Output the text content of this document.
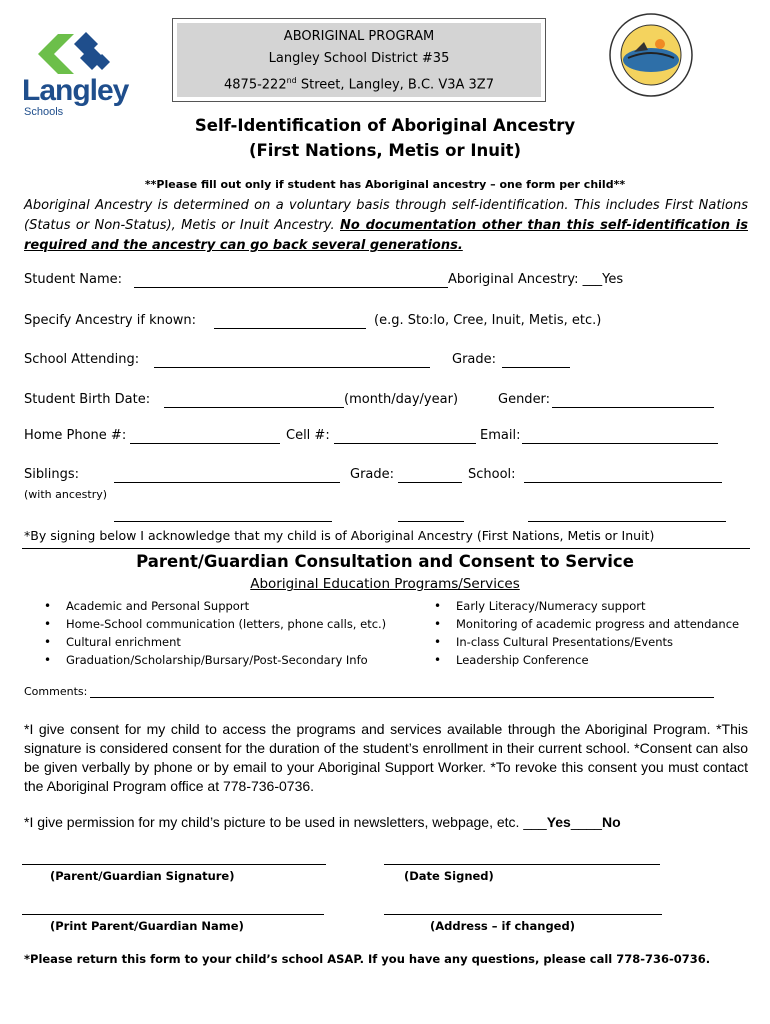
Langley
Schools
ABORIGINAL PROGRAM
Langley School District #35
4875-222nd Street, Langley, B.C. V3A 3Z7
Self-Identification of Aboriginal Ancestry
(First Nations, Metis or Inuit)
**Please fill out only if student has Aboriginal ancestry – one form per child**
Aboriginal Ancestry is determined on a voluntary basis through self-identification. This includes First Nations (Status or Non-Status), Metis or Inuit Ancestry. No documentation other than this self-identification is required and the ancestry can go back several generations.
Student Name:	Aboriginal Ancestry: ___Yes
Specify Ancestry if known:	(e.g. Sto:lo, Cree, Inuit, Metis, etc.)
School Attending:	Grade:
Student Birth Date:	(month/day/year)	Gender:
Home Phone #:	Cell #:	Email:
Siblings:	Grade:	School:
(with ancestry)
*By signing below I acknowledge that my child is of Aboriginal Ancestry (First Nations, Metis or Inuit)
Parent/Guardian Consultation and Consent to Service
Aboriginal Education Programs/Services
• Academic and Personal Support
• Home-School communication (letters, phone calls, etc.)
• Cultural enrichment
• Graduation/Scholarship/Bursary/Post-Secondary Info
• Early Literacy/Numeracy support
• Monitoring of academic progress and attendance
• In-class Cultural Presentations/Events
• Leadership Conference
Comments:
*I give consent for my child to access the programs and services available through the Aboriginal Program. *This signature is considered consent for the duration of the student’s enrollment in their current school. *Consent can also be given verbally by phone or by email to your Aboriginal Support Worker. *To revoke this consent you must contact the Aboriginal Program office at 778-736-0736.
*I give permission for my child’s picture to be used in newsletters, webpage, etc. ___Yes____No
(Parent/Guardian Signature)	(Date Signed)
(Print Parent/Guardian Name)	(Address – if changed)
*Please return this form to your child’s school ASAP. If you have any questions, please call 778-736-0736.
